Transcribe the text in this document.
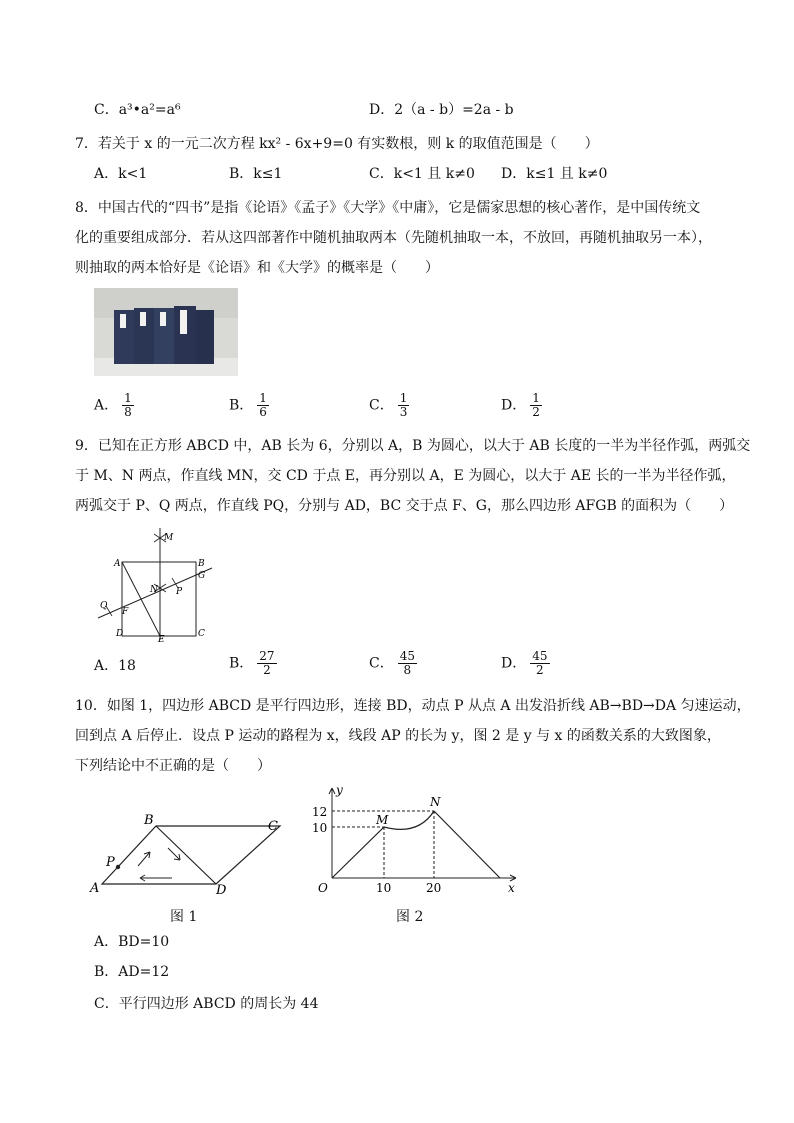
C．a³•a²=a⁶	D．2（a - b）=2a - b
7．若关于 x 的一元二次方程 kx² - 6x+9=0 有实数根，则 k 的取值范围是（　　）
A．k<1	B．k≤1	C．k<1 且 k≠0 D．k≤1 且 k≠0
8．中国古代的“四书”是指《论语》《孟子》《大学》《中庸》，它是儒家思想的核心著作，是中国传统文
化的重要组成部分．若从这四部著作中随机抽取两本（先随机抽取一本，不放回，再随机抽取另一本），
则抽取的两本恰好是《论语》和《大学》的概率是（　　）
A． $\frac{1}{8}$	B． $\frac{1}{6}$	C． $\frac{1}{3}$	D． $\frac{1}{2}$
9．已知在正方形 ABCD 中，AB 长为 6，分别以 A，B 为圆心，以大于 AB 长度的一半为半径作弧，两弧交
于 M、N 两点，作直线 MN，交 CD 于点 E，再分别以 A，E 为圆心，以大于 AE 长的一半为半径作弧，
两弧交于 P、Q 两点，作直线 PQ，分别与 AD，BC 交于点 F、G，那么四边形 AFGB 的面积为（　　）
M
A	B
G
N P
Q
F
D
E
C
A．18	B． $\frac{27}{2}$	C． $\frac{45}{8}$	D． $\frac{45}{2}$
10．如图 1，四边形 ABCD 是平行四边形，连接 BD，动点 P 从点 A 出发沿折线 AB→BD→DA 匀速运动，
回到点 A 后停止．设点 P 运动的路程为 x，线段 AP 的长为 y，图 2 是 y 与 x 的函数关系的大致图象，
下列结论中不正确的是（　　）
A
B	C
D
P
图 1
y
x
O
12
10
10	20
M
N
图 2
A．BD=10
B．AD=12
C．平行四边形 ABCD 的周长为 44
